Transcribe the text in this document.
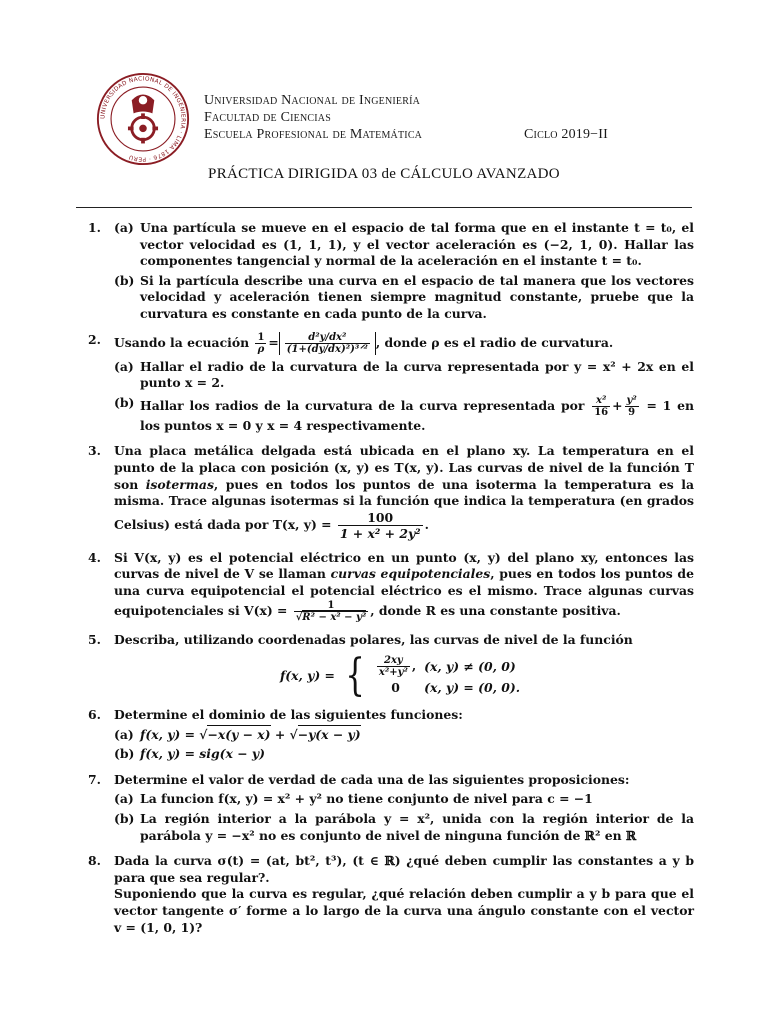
UNIVERSIDAD NACIONAL DE INGENIERIA · LIMA 1876 · PERU
Universidad Nacional de Ingeniería
Facultad de Ciencias
Escuela Profesional de Matemática	Ciclo 2019−II
PRÁCTICA DIRIGIDA 03 de CÁLCULO AVANZADO
1. (a) Una partícula se mueve en el espacio de tal forma que en el instante t = t₀, el vector velocidad es (1, 1, 1), y el vector aceleración es (−2, 1, 0). Hallar las componentes tangencial y normal de la aceleración en el instante t = t₀.
(b) Si la partícula describe una curva en el espacio de tal manera que los vectores velocidad y aceleración tienen siempre magnitud constante, pruebe que la curvatura es constante en cada punto de la curva.
2. Usando la ecuación $\frac{1}{\rho} = \frac{\text{d²y/dx²}}{\text{(1+(dy/dx)²)³ᐟ²}}$ , donde ρ es el radio de curvatura.
(a) Hallar el radio de la curvatura de la curva representada por y = x² + 2x en el punto x = 2.
(b) Hallar los radios de la curvatura de la curva representada por $\frac{\text{x²}}{16} + \frac{\text{y²}}{9} = 1$ en los puntos x = 0 y x = 4 respectivamente.
3. Una placa metálica delgada está ubicada en el plano xy. La temperatura en el punto de la placa con posición (x, y) es T(x, y). Las curvas de nivel de la función T son isotermas, pues en todos los puntos de una isoterma la temperatura es la misma. Trace algunas isotermas si la función que indica la temperatura (en grados Celsius) está dada por T(x, $y) = \frac{100}{\text{1 + x² + 2y²}}$ .
4. Si V(x, y) es el potencial eléctrico en un punto (x, y) del plano xy, entonces las curvas de nivel de V se llaman curvas equipotenciales, pues en todos los puntos de una curva equipotencial el potencial eléctrico es el mismo. Trace algunas curvas equipotenciales si $V(x) = \frac{1}{\text{√R² − x² − y²}}$ , donde R es una constante positiva.
5. Describa, utilizando coordenadas polares, las curvas de nivel de la función
f(x, y) = { $\frac{2xy}{\text{x²+y²}}$ ,	(x, y) ≠ (0, 0)
0	(x, y) = (0, 0).
6. Determine el dominio de las siguientes funciones:
(a) f(x, y) = √−x(y − x) + √−y(x − y)
(b) f(x, y) = sig(x − y)
7. Determine el valor de verdad de cada una de las siguientes proposiciones:
(a) La funcion f(x, y) = x² + y² no tiene conjunto de nivel para c = −1
(b) La región interior a la parábola y = x², unida con la región interior de la parábola y = −x² no es conjunto de nivel de ninguna función de ℝ² en ℝ
8. Dada la curva σ(t) = (at, bt², t³), (t ∈ ℝ) ¿qué deben cumplir las constantes a y b para que sea regular?.
Suponiendo que la curva es regular, ¿qué relación deben cumplir a y b para que el vector tangente σ′ forme a lo largo de la curva una ángulo constante con el vector v = (1, 0, 1)?
